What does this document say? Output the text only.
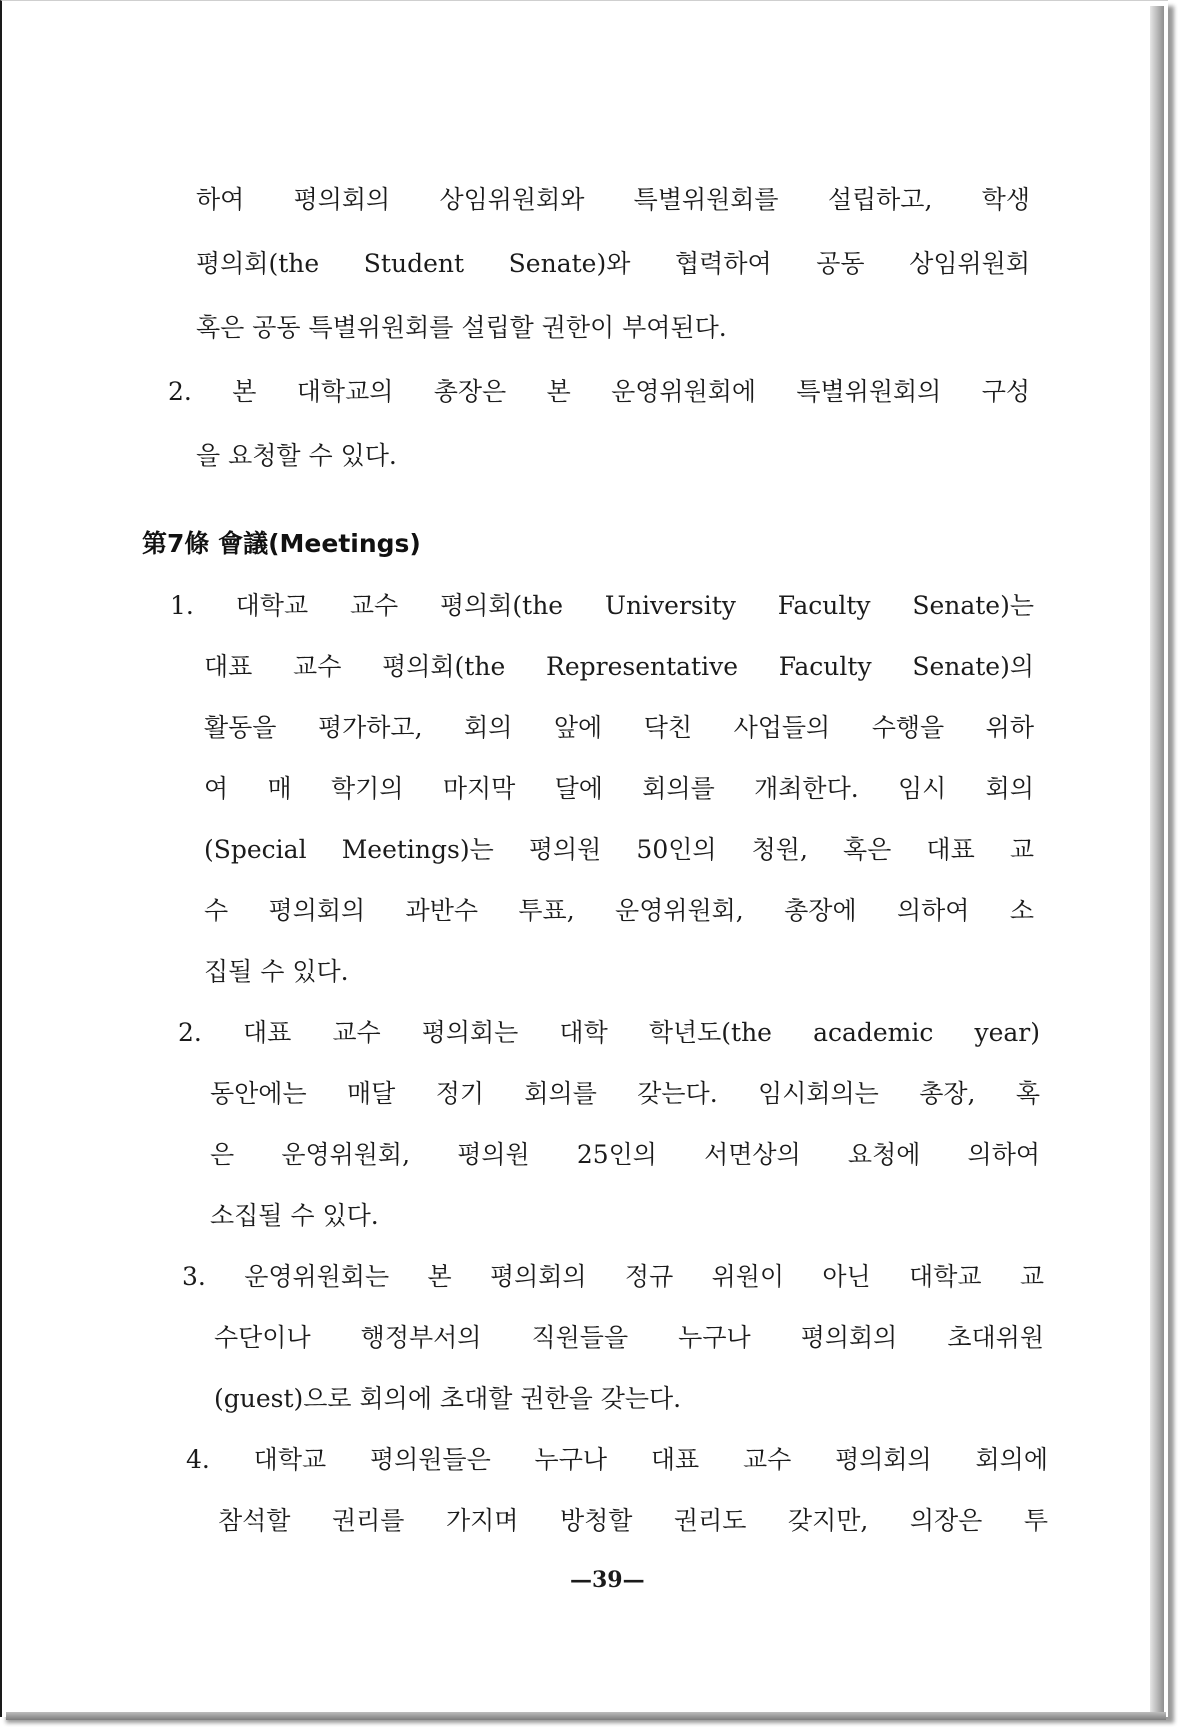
하여 평의회의 상임위원회와 특별위원회를 설립하고, 학생

평의회(the Student Senate)와 협력하여 공동 상임위원회

혹은 공동 특별위원회를 설립할 권한이 부여된다.

2. 본 대학교의 총장은 본 운영위원회에 특별위원회의 구성

을 요청할 수 있다.

第7條 會議(Meetings)

1. 대학교 교수 평의회(the University Faculty Senate)는

대표 교수 평의회(the Representative Faculty Senate)의

활동을 평가하고, 회의 앞에 닥친 사업들의 수행을 위하

여 매 학기의 마지막 달에 회의를 개최한다. 임시 회의

(Special Meetings)는 평의원 50인의 청원, 혹은 대표 교

수 평의회의 과반수 투표, 운영위원회, 총장에 의하여 소

집될 수 있다.

2. 대표 교수 평의회는 대학 학년도(the academic year)

동안에는 매달 정기 회의를 갖는다. 임시회의는 총장, 혹

은 운영위원회, 평의원 25인의 서면상의 요청에 의하여

소집될 수 있다.

3. 운영위원회는 본 평의회의 정규 위원이 아닌 대학교 교

수단이나 행정부서의 직원들을 누구나 평의회의 초대위원

(guest)으로 회의에 초대할 권한을 갖는다.

4. 대학교 평의원들은 누구나 대표 교수 평의회의 회의에

참석할 권리를 가지며 방청할 권리도 갖지만, 의장은 투

—39—
